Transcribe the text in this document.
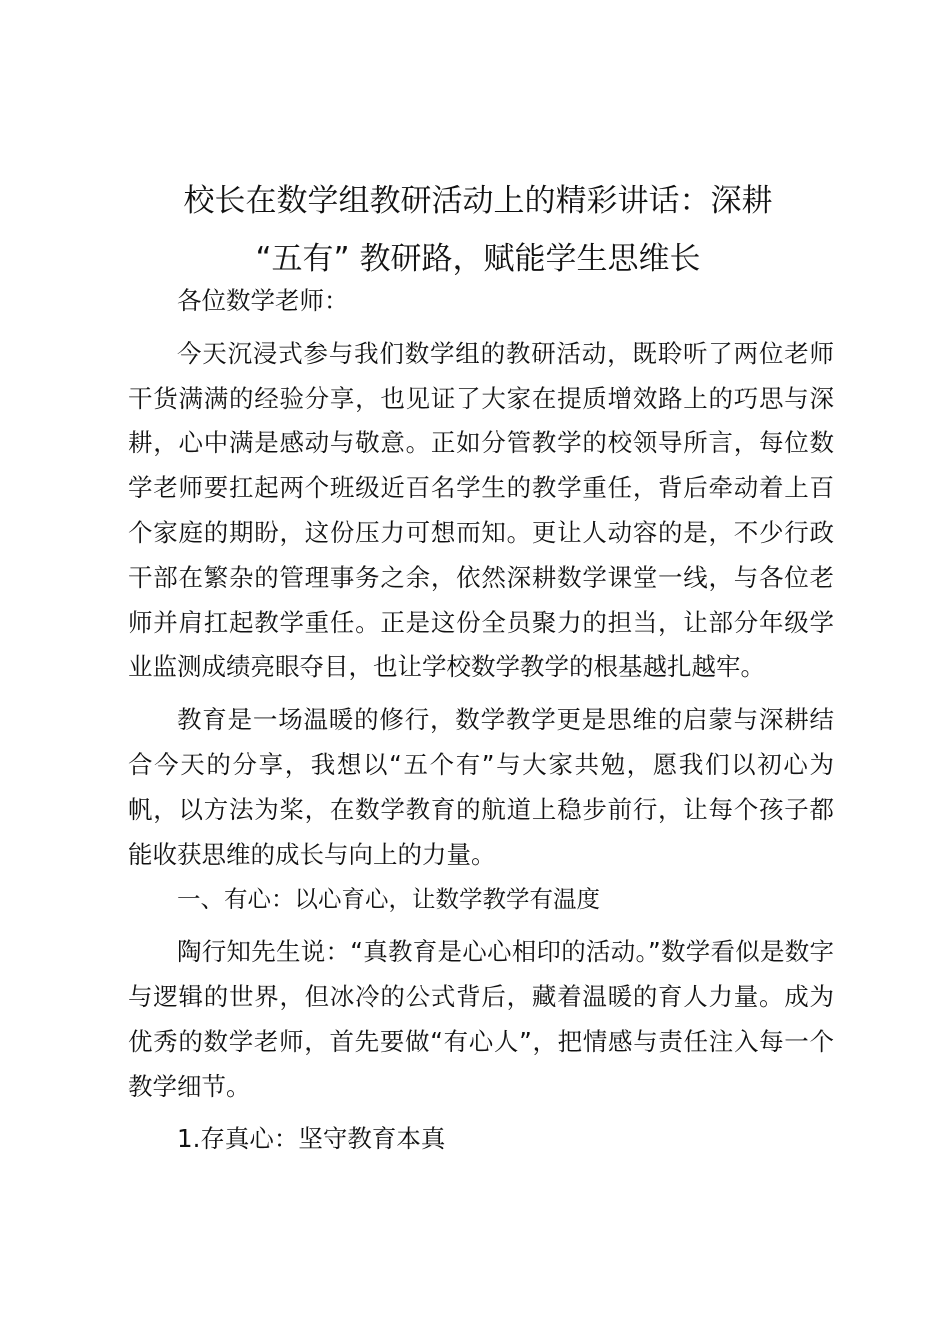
校长在数学组教研活动上的精彩讲话：深耕
“五有” 教研路，赋能学生思维长

各位数学老师：

今天沉浸式参与我们数学组的教研活动，既聆听了两位老师干货满满的经验分享，也见证了大家在提质增效路上的巧思与深耕，心中满是感动与敬意。正如分管教学的校领导所言，每位数学老师要扛起两个班级近百名学生的教学重任，背后牵动着上百个家庭的期盼，这份压力可想而知。更让人动容的是，不少行政干部在繁杂的管理事务之余，依然深耕数学课堂一线，与各位老师并肩扛起教学重任。正是这份全员聚力的担当，让部分年级学业监测成绩亮眼夺目，也让学校数学教学的根基越扎越牢。

教育是一场温暖的修行，数学教学更是思维的启蒙与深耕结合今天的分享，我想以“五个有”与大家共勉，愿我们以初心为帆，以方法为桨，在数学教育的航道上稳步前行，让每个孩子都能收获思维的成长与向上的力量。

一、有心：以心育心，让数学教学有温度

陶行知先生说：“真教育是心心相印的活动。”数学看似是数字与逻辑的世界，但冰冷的公式背后，藏着温暖的育人力量。成为优秀的数学老师，首先要做“有心人”，把情感与责任注入每一个教学细节。

1.存真心：坚守教育本真
